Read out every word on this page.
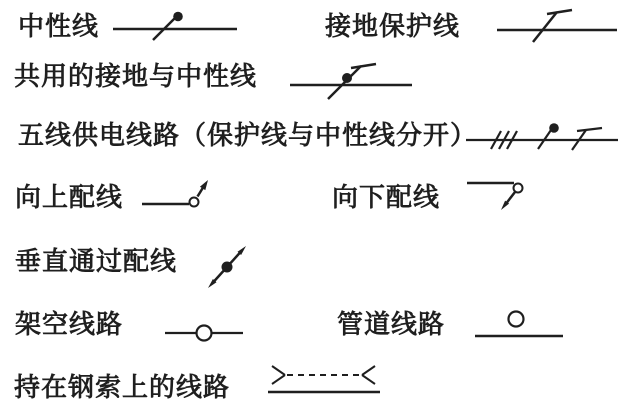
中性线	接地保护线
共用的接地与中性线
五线供电线路（保护线与中性线分开）
向上配线	向下配线
垂直通过配线
架空线路	管道线路
持在钢索上的线路
